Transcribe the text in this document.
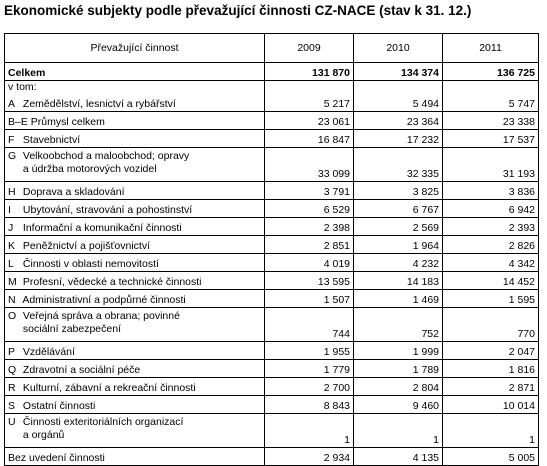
Ekonomické subjekty podle převažující činnosti CZ-NACE (stav k 31. 12.)
Převažující činnost	2009	2010	2011
Celkem	131 870	134 374	136 725
v tom:			
A Zemědělství, lesnictví a rybářství	5 217	5 494	5 747
B–E Průmysl celkem	23 061	23 364	23 338
F Stavebnictví	16 847	17 232	17 537
G Velkoobchod a maloobchod; opravy
a údržba motorových vozidel	33 099	32 335	31 193
H Doprava a skladování	3 791	3 825	3 836
I Ubytování, stravování a pohostinství	6 529	6 767	6 942
J Informační a komunikační činnosti	2 398	2 569	2 393
K Peněžnictví a pojišťovnictví	2 851	1 964	2 826
L Činnosti v oblasti nemovitostí	4 019	4 232	4 342
M Profesní, vědecké a technické činnosti	13 595	14 183	14 452
N Administrativní a podpůrné činnosti	1 507	1 469	1 595
O Veřejná správa a obrana; povinné
sociální zabezpečení	744	752	770
P Vzdělávání	1 955	1 999	2 047
Q Zdravotní a sociální péče	1 779	1 789	1 816
R Kulturní, zábavní a rekreační činnosti	2 700	2 804	2 871
S Ostatní činnosti	8 843	9 460	10 014
U Činnosti exteritoriálních organizací
a orgánů	1	1	1
Bez uvedení činnosti	2 934	4 135	5 005
